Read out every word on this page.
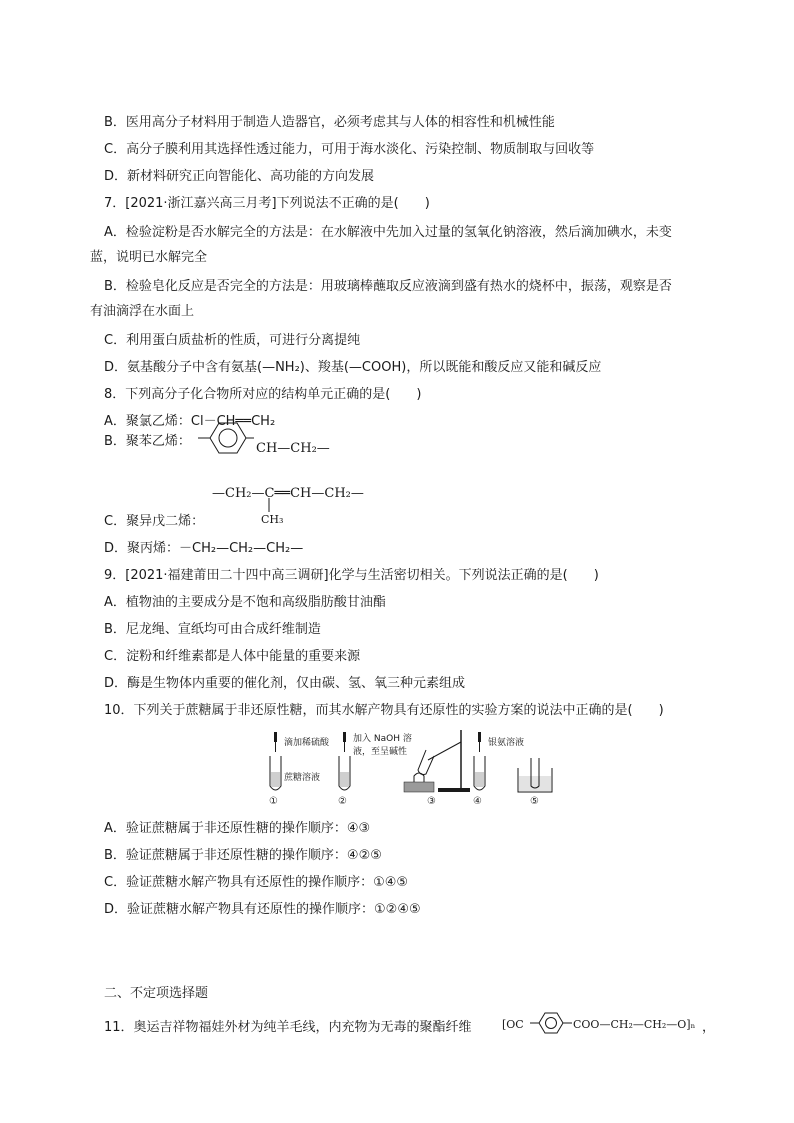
B．医用高分子材料用于制造人造器官，必须考虑其与人体的相容性和机械性能
C．高分子膜利用其选择性透过能力，可用于海水淡化、污染控制、物质制取与回收等
D．新材料研究正向智能化、高功能的方向发展
7．[2021·浙江嘉兴高三月考]下列说法不正确的是(　　)
A．检验淀粉是否水解完全的方法是：在水解液中先加入过量的氢氧化钠溶液，然后滴加碘水，未变
蓝，说明已水解完全
B．检验皂化反应是否完全的方法是：用玻璃棒蘸取反应液滴到盛有热水的烧杯中，振荡，观察是否
有油滴浮在水面上
C．利用蛋白质盐析的性质，可进行分离提纯
D．氨基酸分子中含有氨基(—NH₂)、羧基(—COOH)，所以既能和酸反应又能和碱反应
8．下列高分子化合物所对应的结构单元正确的是(　　)
A．聚氯乙烯：Cl－CH══CH₂
B．聚苯乙烯：	CH—CH₂—
—CH₂—C══CH—CH₂—
CH₃
C．聚异戊二烯：
D．聚丙烯：－CH₂—CH₂—CH₂—
9．[2021·福建莆田二十四中高三调研]化学与生活密切相关。下列说法正确的是(　　)
A．植物油的主要成分是不饱和高级脂肪酸甘油酯
B．尼龙绳、宣纸均可由合成纤维制造
C．淀粉和纤维素都是人体中能量的重要来源
D．酶是生物体内重要的催化剂，仅由碳、氢、氧三种元素组成
10．下列关于蔗糖属于非还原性糖，而其水解产物具有还原性的实验方案的说法中正确的是(　　)
滴加稀硫酸
蔗糖溶液
①
加入 NaOH 溶
液，至呈碱性
②	③
银氨溶液
④	⑤
A．验证蔗糖属于非还原性糖的操作顺序：④③
B．验证蔗糖属于非还原性糖的操作顺序：④②⑤
C．验证蔗糖水解产物具有还原性的操作顺序：①④⑤
D．验证蔗糖水解产物具有还原性的操作顺序：①②④⑤
二、不定项选择题
11．奥运吉祥物福娃外材为纯羊毛线，内充物为无毒的聚酯纤维	[OC	COO—CH₂—CH₂—O]ₙ ，
